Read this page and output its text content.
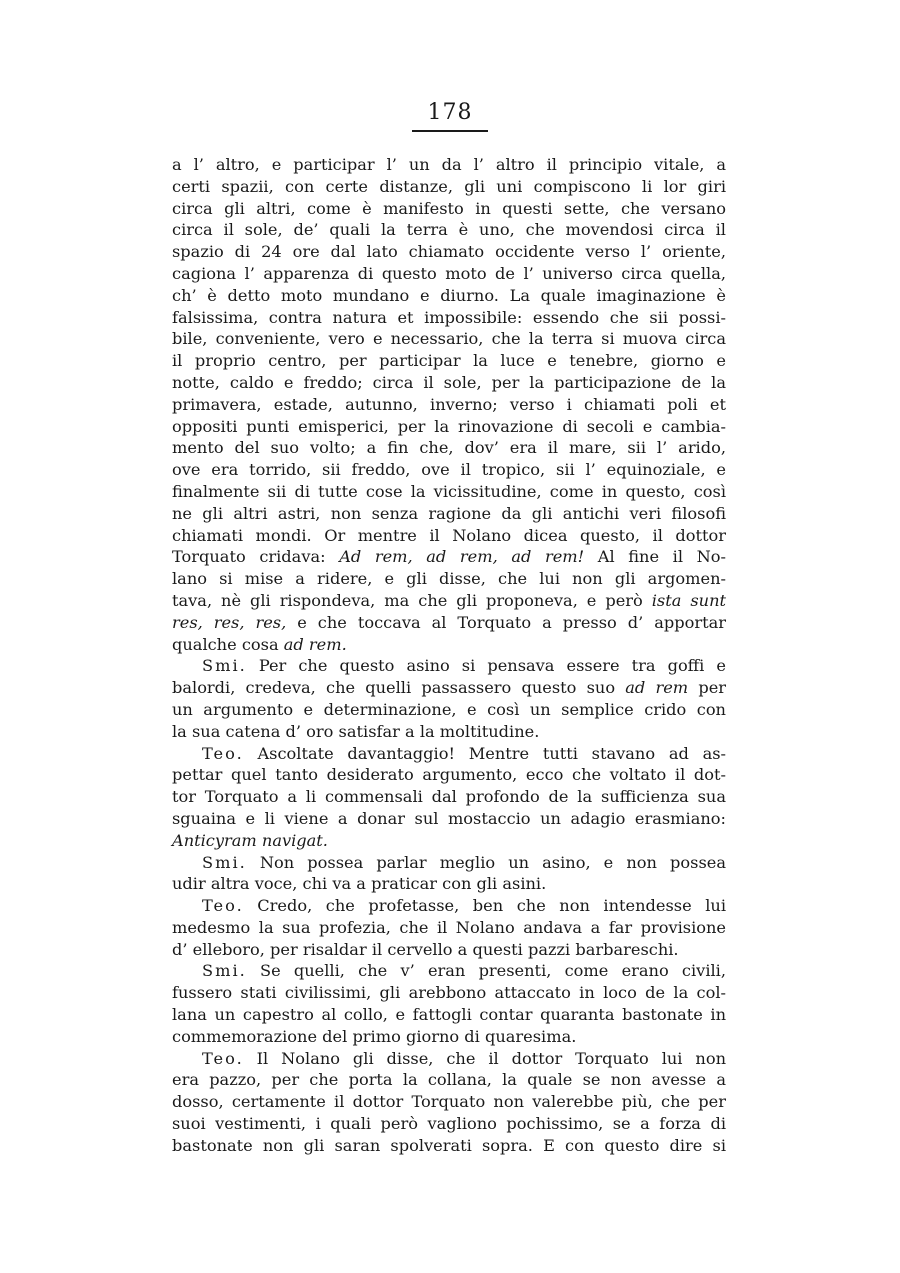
178
a l’ altro, e participar l’ un da l’ altro il principio vitale, a
certi spazii, con certe distanze, gli uni compiscono li lor giri
circa gli altri, come è manifesto in questi sette, che versano
circa il sole, de’ quali la terra è uno, che movendosi circa il
spazio di 24 ore dal lato chiamato occidente verso l’ oriente,
cagiona l’ apparenza di questo moto de l’ universo circa quella,
ch’ è detto moto mundano e diurno. La quale imaginazione è
falsissima, contra natura et impossibile: essendo che sii possi-
bile, conveniente, vero e necessario, che la terra si muova circa
il proprio centro, per participar la luce e tenebre, giorno e
notte, caldo e freddo; circa il sole, per la participazione de la
primavera, estade, autunno, inverno; verso i chiamati poli et
oppositi punti emisperici, per la rinovazione di secoli e cambia-
mento del suo volto; a fin che, dov’ era il mare, sii l’ arido,
ove era torrido, sii freddo, ove il tropico, sii l’ equinoziale, e
finalmente sii di tutte cose la vicissitudine, come in questo, così
ne gli altri astri, non senza ragione da gli antichi veri filosofi
chiamati mondi. Or mentre il Nolano dicea questo, il dottor
Torquato cridava: Ad rem, ad rem, ad rem! Al fine il No-
lano si mise a ridere, e gli disse, che lui non gli argomen-
tava, nè gli rispondeva, ma che gli proponeva, e però ista sunt
res, res, res, e che toccava al Torquato a presso d’ apportar
qualche cosa ad rem.
Smi. Per che questo asino si pensava essere tra goffi e
balordi, credeva, che quelli passassero questo suo ad rem per
un argumento e determinazione, e così un semplice crido con
la sua catena d’ oro satisfar a la moltitudine.
Teo. Ascoltate davantaggio! Mentre tutti stavano ad as-
pettar quel tanto desiderato argumento, ecco che voltato il dot-
tor Torquato a li commensali dal profondo de la sufficienza sua
sguaina e li viene a donar sul mostaccio un adagio erasmiano:
Anticyram navigat.
Smi. Non possea parlar meglio un asino, e non possea
udir altra voce, chi va a praticar con gli asini.
Teo. Credo, che profetasse, ben che non intendesse lui
medesmo la sua profezia, che il Nolano andava a far provisione
d’ elleboro, per risaldar il cervello a questi pazzi barbareschi.
Smi. Se quelli, che v’ eran presenti, come erano civili,
fussero stati civilissimi, gli arebbono attaccato in loco de la col-
lana un capestro al collo, e fattogli contar quaranta bastonate in
commemorazione del primo giorno di quaresima.
Teo. Il Nolano gli disse, che il dottor Torquato lui non
era pazzo, per che porta la collana, la quale se non avesse a
dosso, certamente il dottor Torquato non valerebbe più, che per
suoi vestimenti, i quali però vagliono pochissimo, se a forza di
bastonate non gli saran spolverati sopra. E con questo dire si
